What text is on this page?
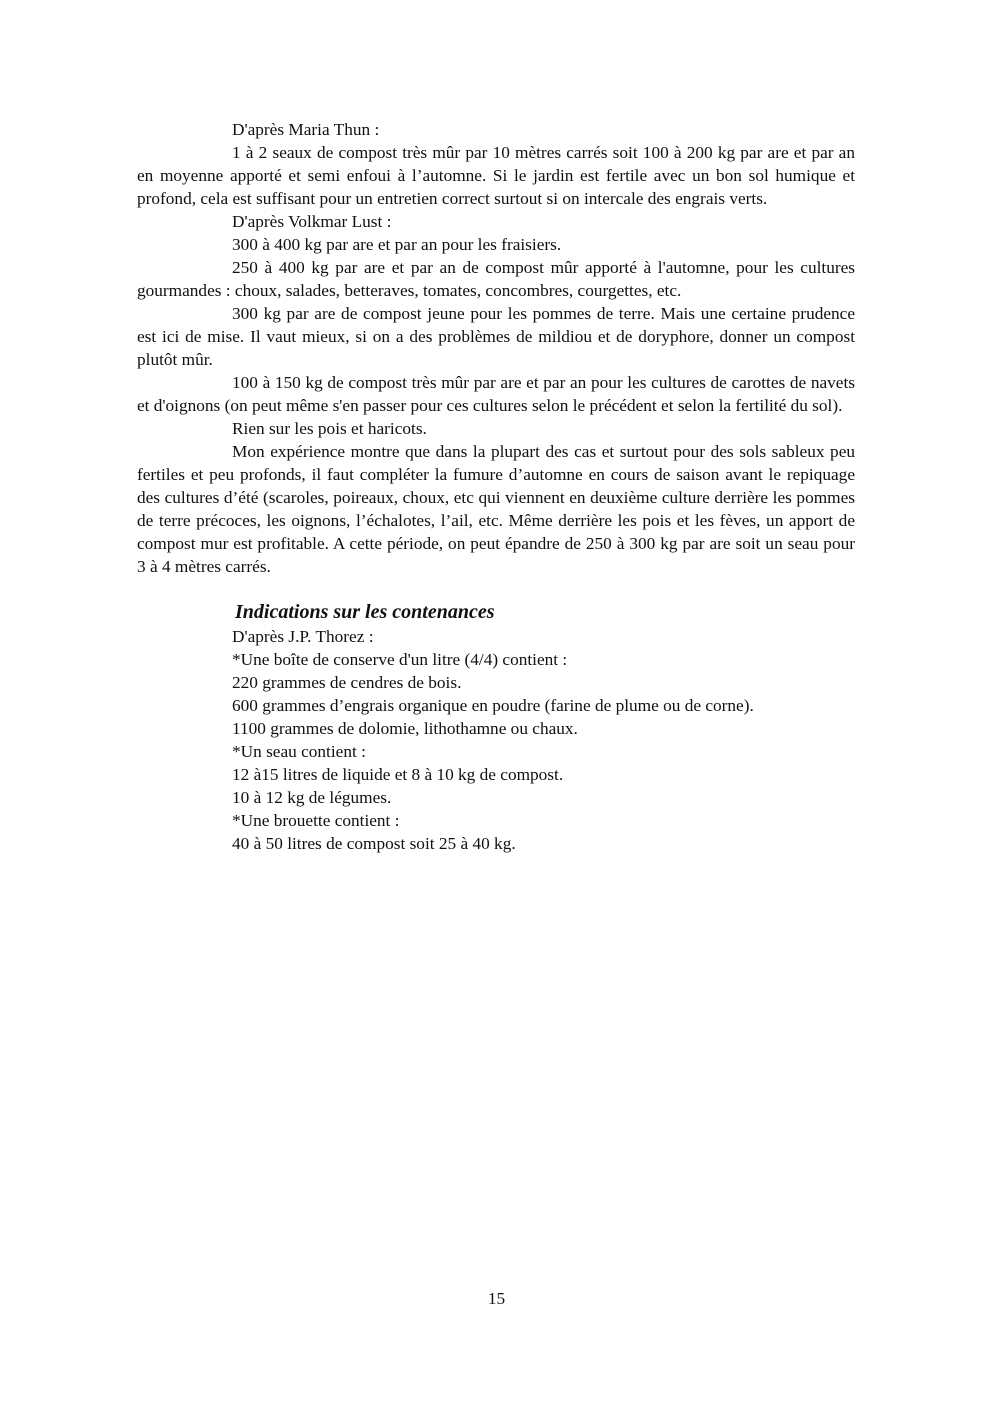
D'après Maria Thun :

1 à 2 seaux de compost très mûr par 10 mètres carrés soit 100 à 200 kg par are et par an en moyenne apporté et semi enfoui à l’automne. Si le jardin est fertile avec un bon sol humique et profond, cela est suffisant pour un entretien correct surtout si on intercale des engrais verts.

D'après Volkmar Lust :

300 à 400 kg par are et par an pour les fraisiers.

250 à 400 kg par are et par an de compost mûr apporté à l'automne, pour les cultures gourmandes : choux, salades, betteraves, tomates, concombres, courgettes, etc.

300 kg par are de compost jeune pour les pommes de terre. Mais une certaine prudence est ici de mise. Il vaut mieux, si on a des problèmes de mildiou et de doryphore, donner un compost plutôt mûr.

100 à 150 kg de compost très mûr par are et par an pour les cultures de carottes de navets et d'oignons (on peut même s'en passer pour ces cultures selon le précédent et selon la fertilité du sol).

Rien sur les pois et haricots.

Mon expérience montre que dans la plupart des cas et surtout pour des sols sableux peu fertiles et peu profonds, il faut compléter la fumure d’automne en cours de saison avant le repiquage des cultures d’été (scaroles, poireaux, choux, etc qui viennent en deuxième culture derrière les pommes de terre précoces, les oignons, l’échalotes, l’ail, etc. Même derrière les pois et les fèves, un apport de compost mur est profitable. A cette période, on peut épandre de 250 à 300 kg par are soit un seau pour 3 à 4 mètres carrés.

Indications sur les contenances

D'après J.P. Thorez :

*Une boîte de conserve d'un litre (4/4) contient :

220 grammes de cendres de bois.

600 grammes d’engrais organique en poudre (farine de plume ou de corne).

1100 grammes de dolomie, lithothamne ou chaux.

*Un seau contient :

12 à15 litres de liquide et 8 à 10 kg de compost.

10 à 12 kg de légumes.

*Une brouette contient :

40 à 50 litres de compost soit 25 à 40 kg.

15
